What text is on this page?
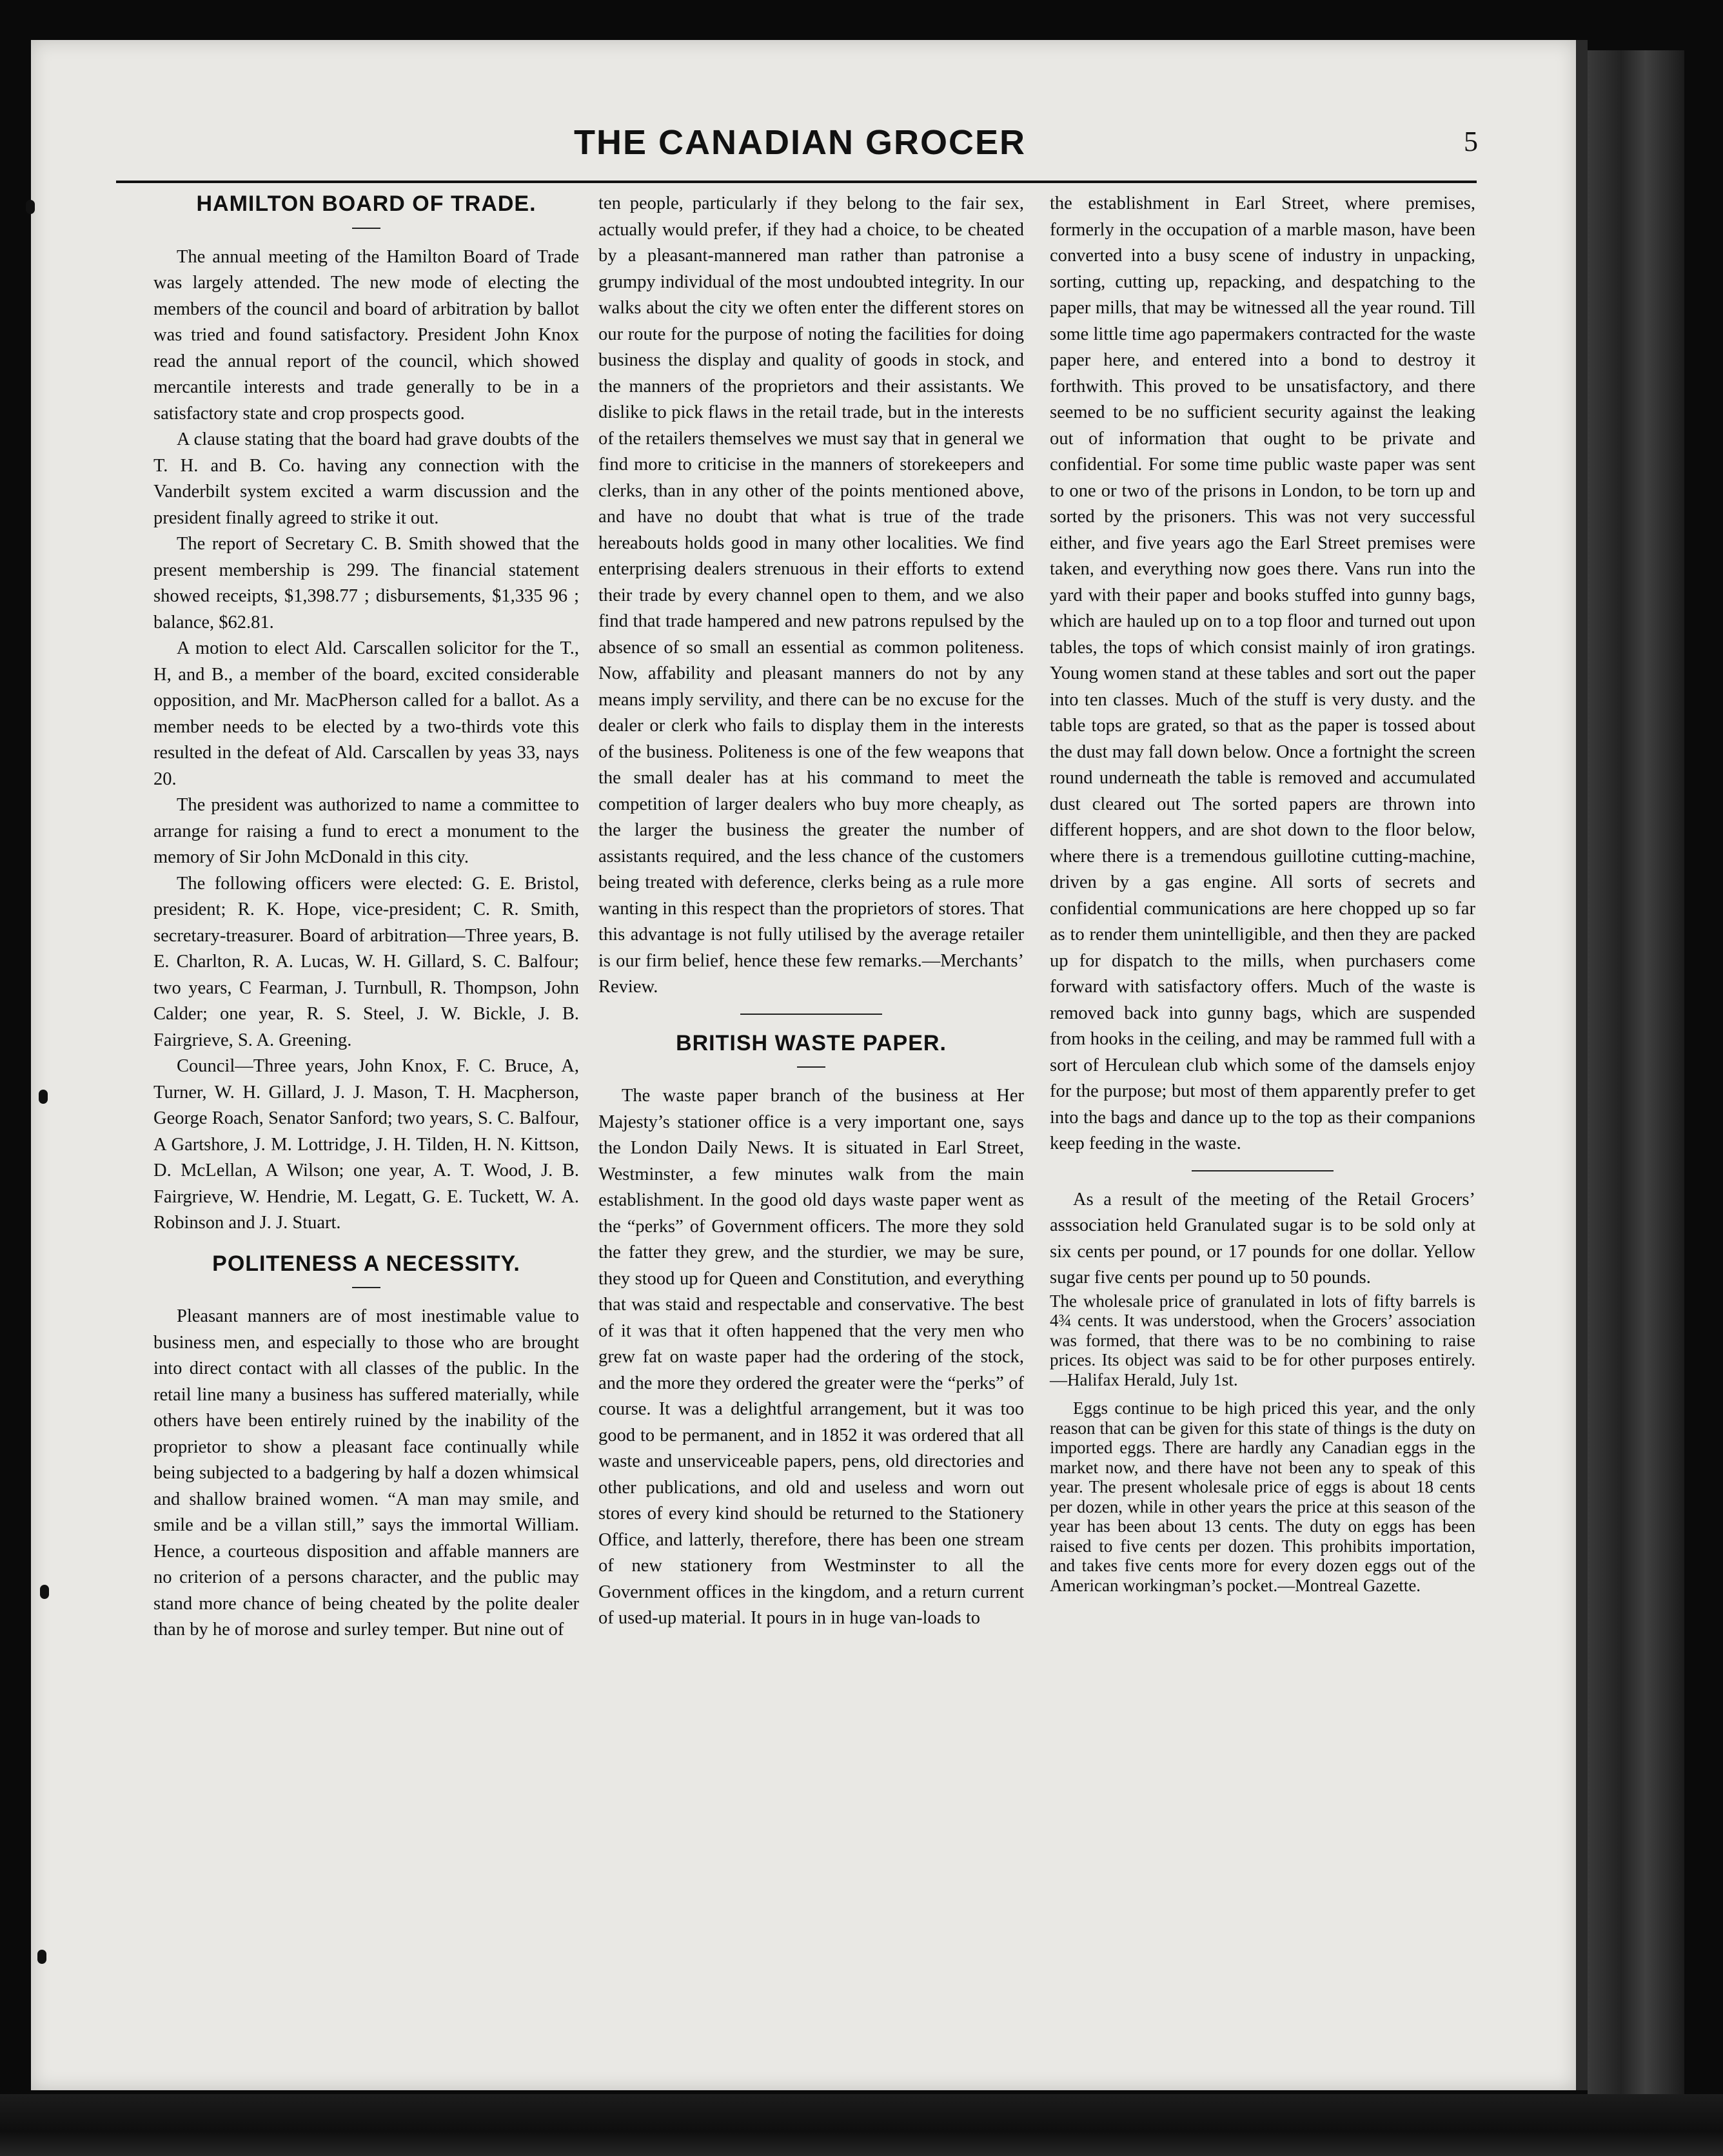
THE CANADIAN GROCER	5
HAMILTON BOARD OF TRADE.

The annual meeting of the Hamilton Board of Trade was largely attended. The new mode of electing the members of the council and board of arbitration by ballot was tried and found satisfactory. President John Knox read the annual report of the council, which showed mercantile interests and trade generally to be in a satisfactory state and crop prospects good.

A clause stating that the board had grave doubts of the T. H. and B. Co. having any connection with the Vanderbilt system excited a warm discussion and the president finally agreed to strike it out.

The report of Secretary C. B. Smith showed that the present membership is 299. The financial statement showed receipts, $1,398.77 ; disbursements, $1,335 96 ; balance, $62.81.

A motion to elect Ald. Carscallen solicitor for the T., H, and B., a member of the board, excited considerable opposition, and Mr. MacPherson called for a ballot. As a member needs to be elected by a two-thirds vote this resulted in the defeat of Ald. Carscallen by yeas 33, nays 20.

The president was authorized to name a committee to arrange for raising a fund to erect a monument to the memory of Sir John McDonald in this city.

The following officers were elected: G. E. Bristol, president; R. K. Hope, vice-president; C. R. Smith, secretary-treasurer. Board of arbitration—Three years, B. E. Charlton, R. A. Lucas, W. H. Gillard, S. C. Balfour; two years, C Fearman, J. Turnbull, R. Thompson, John Calder; one year, R. S. Steel, J. W. Bickle, J. B. Fairgrieve, S. A. Greening.

Council—Three years, John Knox, F. C. Bruce, A, Turner, W. H. Gillard, J. J. Mason, T. H. Macpherson, George Roach, Senator Sanford; two years, S. C. Balfour, A Gartshore, J. M. Lottridge, J. H. Tilden, H. N. Kittson, D. McLellan, A Wilson; one year, A. T. Wood, J. B. Fairgrieve, W. Hendrie, M. Legatt, G. E. Tuckett, W. A. Robinson and J. J. Stuart.

POLITENESS A NECESSITY.

Pleasant manners are of most inestimable value to business men, and especially to those who are brought into direct contact with all classes of the public. In the retail line many a business has suffered materially, while others have been entirely ruined by the inability of the proprietor to show a pleasant face continually while being subjected to a badgering by half a dozen whimsical and shallow brained women. “A man may smile, and smile and be a villan still,” says the immortal William. Hence, a courteous disposition and affable manners are no criterion of a persons character, and the public may stand more chance of being cheated by the polite dealer than by he of morose and surley temper. But nine out of

ten people, particularly if they belong to the fair sex, actually would prefer, if they had a choice, to be cheated by a pleasant-mannered man rather than patronise a grumpy individual of the most undoubted integrity. In our walks about the city we often enter the different stores on our route for the purpose of noting the facilities for doing business the display and quality of goods in stock, and the manners of the proprietors and their assistants. We dislike to pick flaws in the retail trade, but in the interests of the retailers themselves we must say that in general we find more to criticise in the manners of storekeepers and clerks, than in any other of the points mentioned above, and have no doubt that what is true of the trade hereabouts holds good in many other localities. We find enterprising dealers strenuous in their efforts to extend their trade by every channel open to them, and we also find that trade hampered and new patrons repulsed by the absence of so small an essential as common politeness. Now, affability and pleasant manners do not by any means imply servility, and there can be no excuse for the dealer or clerk who fails to display them in the interests of the business. Politeness is one of the few weapons that the small dealer has at his command to meet the competition of larger dealers who buy more cheaply, as the larger the business the greater the number of assistants required, and the less chance of the customers being treated with deference, clerks being as a rule more wanting in this respect than the proprietors of stores. That this advantage is not fully utilised by the average retailer is our firm belief, hence these few remarks.—Merchants’ Review.

BRITISH WASTE PAPER.

The waste paper branch of the business at Her Majesty’s stationer office is a very important one, says the London Daily News. It is situated in Earl Street, Westminster, a few minutes walk from the main establishment. In the good old days waste paper went as the “perks” of Government officers. The more they sold the fatter they grew, and the sturdier, we may be sure, they stood up for Queen and Constitution, and everything that was staid and respectable and conservative. The best of it was that it often happened that the very men who grew fat on waste paper had the ordering of the stock, and the more they ordered the greater were the “perks” of course. It was a delightful arrangement, but it was too good to be permanent, and in 1852 it was ordered that all waste and unserviceable papers, pens, old directories and other publications, and old and useless and worn out stores of every kind should be returned to the Stationery Office, and latterly, therefore, there has been one stream of new stationery from Westminster to all the Government offices in the kingdom, and a return current of used-up material. It pours in in huge van-loads to

the establishment in Earl Street, where premises, formerly in the occupation of a marble mason, have been converted into a busy scene of industry in unpacking, sorting, cutting up, repacking, and despatching to the paper mills, that may be witnessed all the year round. Till some little time ago papermakers contracted for the waste paper here, and entered into a bond to destroy it forthwith. This proved to be unsatisfactory, and there seemed to be no sufficient security against the leaking out of information that ought to be private and confidential. For some time public waste paper was sent to one or two of the prisons in London, to be torn up and sorted by the prisoners. This was not very successful either, and five years ago the Earl Street premises were taken, and everything now goes there. Vans run into the yard with their paper and books stuffed into gunny bags, which are hauled up on to a top floor and turned out upon tables, the tops of which consist mainly of iron gratings. Young women stand at these tables and sort out the paper into ten classes. Much of the stuff is very dusty. and the table tops are grated, so that as the paper is tossed about the dust may fall down below. Once a fortnight the screen round underneath the table is removed and accumulated dust cleared out The sorted papers are thrown into different hoppers, and are shot down to the floor below, where there is a tremendous guillotine cutting-machine, driven by a gas engine. All sorts of secrets and confidential communications are here chopped up so far as to render them unintelligible, and then they are packed up for dispatch to the mills, when purchasers come forward with satisfactory offers. Much of the waste is removed back into gunny bags, which are suspended from hooks in the ceiling, and may be rammed full with a sort of Herculean club which some of the damsels enjoy for the purpose; but most of them apparently prefer to get into the bags and dance up to the top as their companions keep feeding in the waste.

As a result of the meeting of the Retail Grocers’ asssociation held Granulated sugar is to be sold only at six cents per pound, or 17 pounds for one dollar. Yellow sugar five cents per pound up to 50 pounds.

The wholesale price of granulated in lots of fifty barrels is 4¾ cents. It was understood, when the Grocers’ association was formed, that there was to be no combining to raise prices. Its object was said to be for other purposes entirely.—Halifax Herald, July 1st.

Eggs continue to be high priced this year, and the only reason that can be given for this state of things is the duty on imported eggs. There are hardly any Canadian eggs in the market now, and there have not been any to speak of this year. The present wholesale price of eggs is about 18 cents per dozen, while in other years the price at this season of the year has been about 13 cents. The duty on eggs has been raised to five cents per dozen. This prohibits importation, and takes five cents more for every dozen eggs out of the American workingman’s pocket.—Montreal Gazette.
